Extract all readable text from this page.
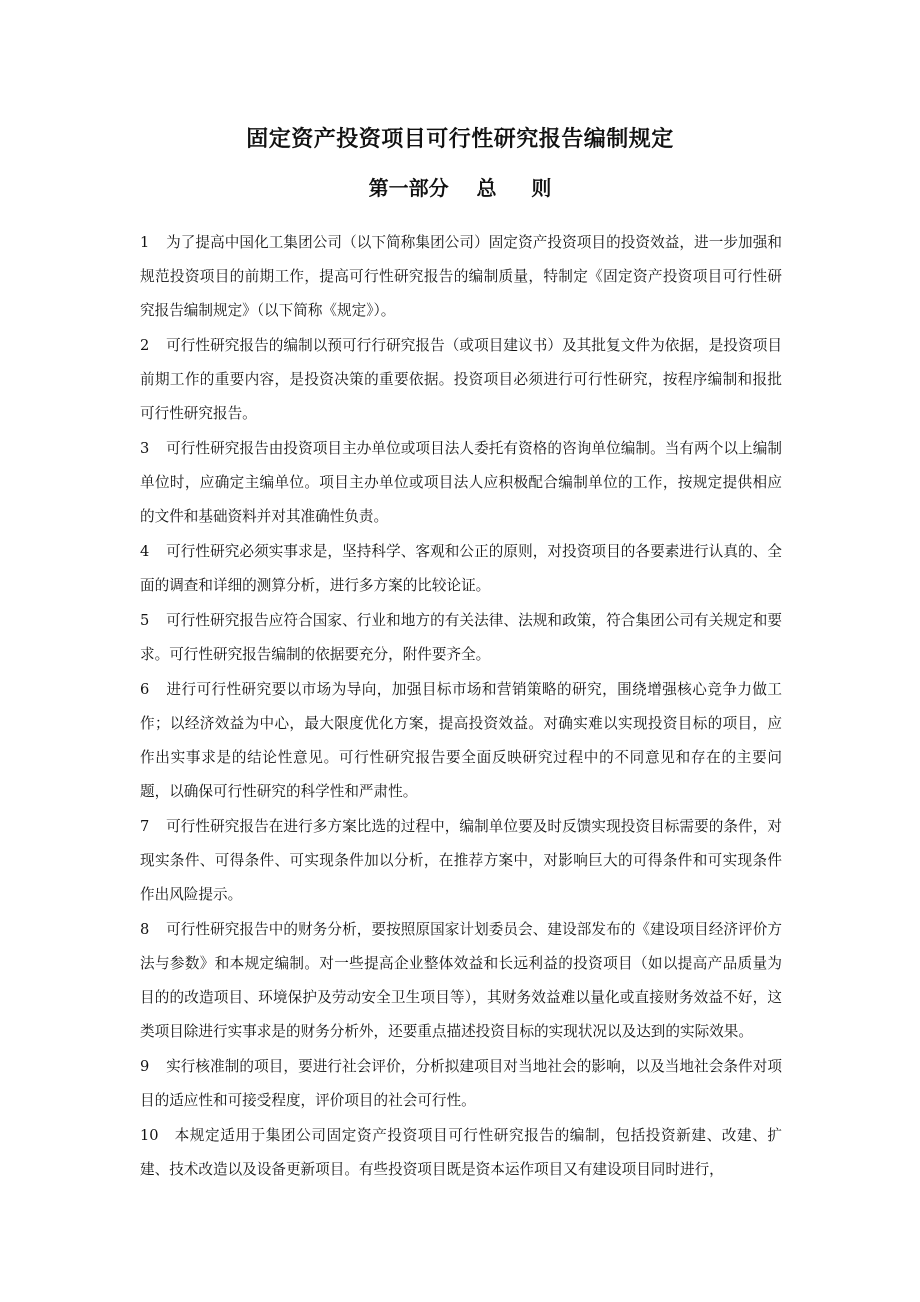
固定资产投资项目可行性研究报告编制规定
第一部分    总     则

1 为了提高中国化工集团公司（以下简称集团公司）固定资产投资项目的投资效益，进一步加强和规范投资项目的前期工作，提高可行性研究报告的编制质量，特制定《固定资产投资项目可行性研究报告编制规定》（以下简称《规定》）。

2 可行性研究报告的编制以预可行行研究报告（或项目建议书）及其批复文件为依据，是投资项目前期工作的重要内容，是投资决策的重要依据。投资项目必须进行可行性研究，按程序编制和报批可行性研究报告。

3 可行性研究报告由投资项目主办单位或项目法人委托有资格的咨询单位编制。当有两个以上编制单位时，应确定主编单位。项目主办单位或项目法人应积极配合编制单位的工作，按规定提供相应的文件和基础资料并对其准确性负责。

4 可行性研究必须实事求是，坚持科学、客观和公正的原则，对投资项目的各要素进行认真的、全面的调查和详细的测算分析，进行多方案的比较论证。

5 可行性研究报告应符合国家、行业和地方的有关法律、法规和政策，符合集团公司有关规定和要求。可行性研究报告编制的依据要充分，附件要齐全。

6 进行可行性研究要以市场为导向，加强目标市场和营销策略的研究，围绕增强核心竞争力做工作；以经济效益为中心，最大限度优化方案，提高投资效益。对确实难以实现投资目标的项目，应作出实事求是的结论性意见。可行性研究报告要全面反映研究过程中的不同意见和存在的主要问题，以确保可行性研究的科学性和严肃性。

7 可行性研究报告在进行多方案比选的过程中，编制单位要及时反馈实现投资目标需要的条件，对现实条件、可得条件、可实现条件加以分析，在推荐方案中，对影响巨大的可得条件和可实现条件作出风险提示。

8 可行性研究报告中的财务分析，要按照原国家计划委员会、建设部发布的《建设项目经济评价方法与参数》和本规定编制。对一些提高企业整体效益和长远利益的投资项目（如以提高产品质量为目的的改造项目、环境保护及劳动安全卫生项目等），其财务效益难以量化或直接财务效益不好，这类项目除进行实事求是的财务分析外，还要重点描述投资目标的实现状况以及达到的实际效果。

9 实行核准制的项目，要进行社会评价，分析拟建项目对当地社会的影响，以及当地社会条件对项目的适应性和可接受程度，评价项目的社会可行性。

10 本规定适用于集团公司固定资产投资项目可行性研究报告的编制，包括投资新建、改建、扩建、技术改造以及设备更新项目。有些投资项目既是资本运作项目又有建设项目同时进行，
